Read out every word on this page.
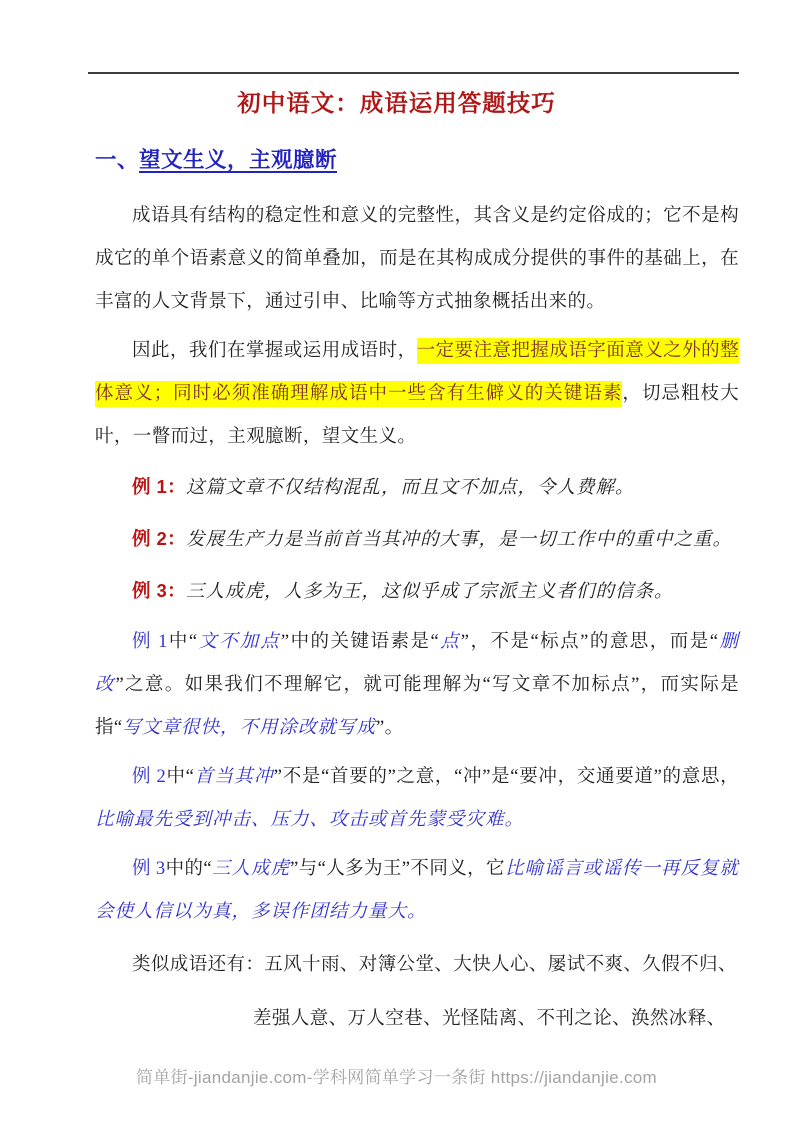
初中语文：成语运用答题技巧
一、望文生义，主观臆断

成语具有结构的稳定性和意义的完整性，其含义是约定俗成的；它不是构成它的单个语素意义的简单叠加，而是在其构成成分提供的事件的基础上，在丰富的人文背景下，通过引申、比喻等方式抽象概括出来的。

因此，我们在掌握或运用成语时，一定要注意把握成语字面意义之外的整体意义；同时必须准确理解成语中一些含有生僻义的关键语素，切忌粗枝大叶，一瞥而过，主观臆断，望文生义。

例 1：这篇文章不仅结构混乱，而且文不加点，令人费解。

例 2：发展生产力是当前首当其冲的大事，是一切工作中的重中之重。

例 3：三人成虎，人多为王，这似乎成了宗派主义者们的信条。

例 1中“文不加点”中的关键语素是“点”，不是“标点”的意思，而是“删改”之意。如果我们不理解它，就可能理解为“写文章不加标点”，而实际是指“写文章很快，不用涂改就写成”。

例 2中“首当其冲”不是“首要的”之意，“冲”是“要冲，交通要道”的意思，比喻最先受到冲击、压力、攻击或首先蒙受灾难。

例 3中的“三人成虎”与“人多为王”不同义，它比喻谣言或谣传一再反复就会使人信以为真，多误作团结力量大。

类似成语还有：五风十雨、对簿公堂、大快人心、屡试不爽、久假不归、

差强人意、万人空巷、光怪陆离、不刊之论、涣然冰释、

简单街-jiandanjie.com-学科网简单学习一条街 https://jiandanjie.com
